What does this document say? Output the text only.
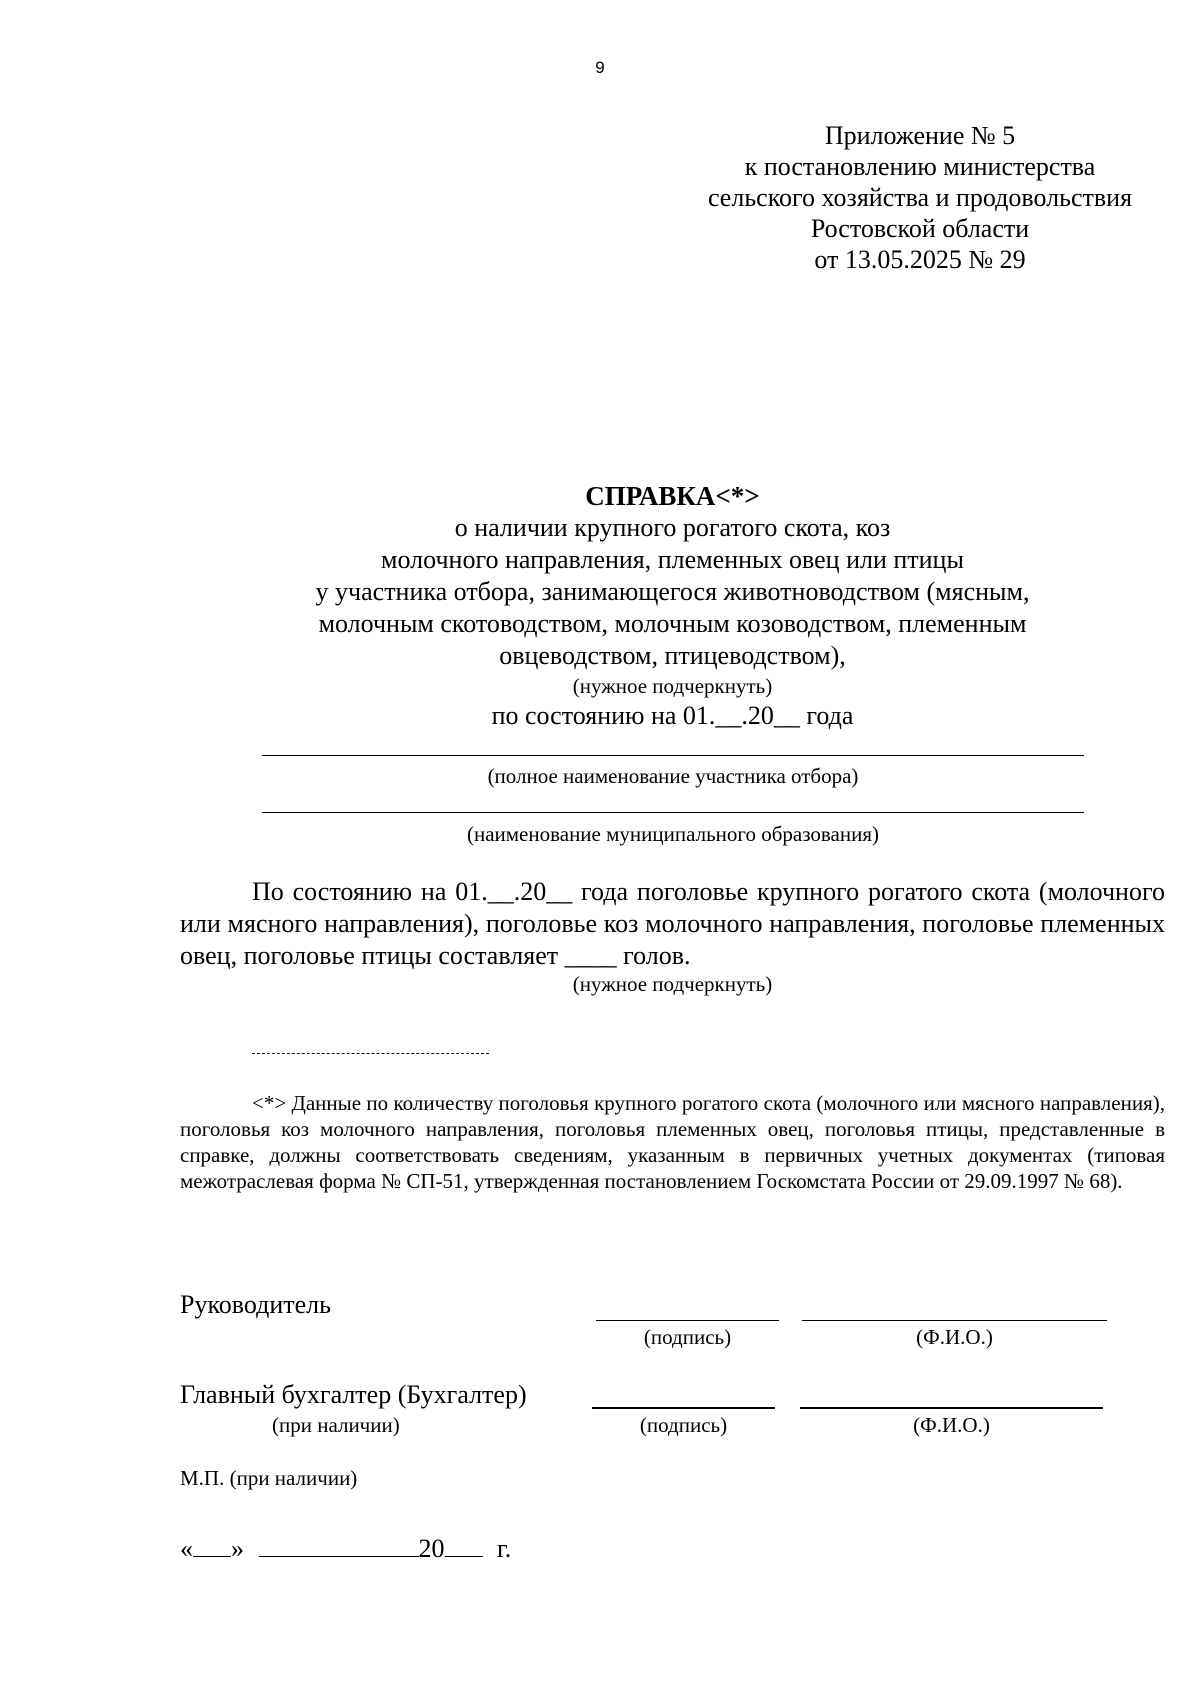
9
Приложение № 5
к постановлению министерства
сельского хозяйства и продовольствия
Ростовской области
от 13.05.2025 № 29
СПРАВКА<*>
о наличии крупного рогатого скота, коз
молочного направления, племенных овец или птицы
у участника отбора, занимающегося животноводством (мясным,
молочным скотоводством, молочным козоводством, племенным
овцеводством, птицеводством),
(нужное подчеркнуть)
по состоянию на 01.__.20__ года
(полное наименование участника отбора)
(наименование муниципального образования)
По состоянию на 01.__.20__ года поголовье крупного рогатого скота (молочного или мясного направления), поголовье коз молочного направления, поголовье племенных овец, поголовье птицы составляет ____ голов.
(нужное подчеркнуть)
<*> Данные по количеству поголовья крупного рогатого скота (молочного или мясного направления), поголовья коз молочного направления, поголовья племенных овец, поголовья птицы, представленные в справке, должны соответствовать сведениям, указанным в первичных учетных документах (типовая межотраслевая форма № СП-51, утвержденная постановлением Госкомстата России от 29.09.1997 № 68).
Руководитель
(подпись)	(Ф.И.О.)
Главный бухгалтер (Бухгалтер)
(при наличии)	(подпись)	(Ф.И.О.)
М.П. (при наличии)
« »	20 г.
